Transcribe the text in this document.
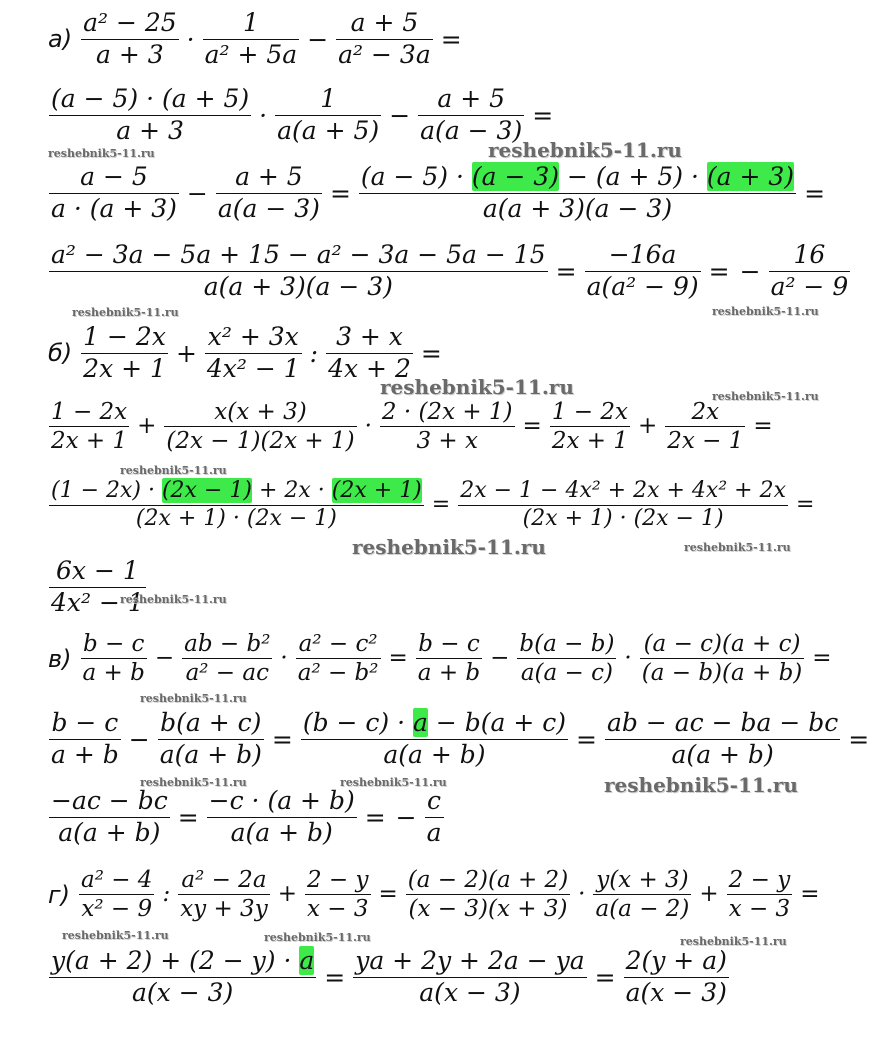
а)
a² − 25
a + 3
·
1
a² + 5a
−
a + 5
a² − 3a
=
(a − 5) · (a + 5)
a + 3
·
1
a(a + 5)
−
a + 5
a(a − 3)
=
a − 5
a · (a + 3)
−
a + 5
a(a − 3)
=
(a − 5) · (a − 3) − (a + 5) · (a + 3)
a(a + 3)(a − 3)
=
a² − 3a − 5a + 15 − a² − 3a − 5a − 15
a(a + 3)(a − 3)
=
−16a
a(a² − 9)
= −
16
a² − 9
б)
1 − 2x
2x + 1
+
x² + 3x
4x² − 1
:
3 + x
4x + 2
=
1 − 2x
2x + 1
+
x(x + 3)
(2x − 1)(2x + 1)
·
2 · (2x + 1)
3 + x
=
1 − 2x
2x + 1
+
2x
2x − 1
=
(1 − 2x) · (2x − 1) + 2x · (2x + 1)
(2x + 1) · (2x − 1)
=
2x − 1 − 4x² + 2x + 4x² + 2x
(2x + 1) · (2x − 1)
=
6x − 1
4x² − 1
в)
b − c
a + b
−
ab − b²
a² − ac
·
a² − c²
a² − b²
=
b − c
a + b
−
b(a − b)
a(a − c)
·
(a − c)(a + c)
(a − b)(a + b)
=
b − c
a + b
−
b(a + c)
a(a + b)
=
(b − c) · a − b(a + c)
a(a + b)
=
ab − ac − ba − bc
a(a + b)
=
−ac − bc
a(a + b)
=
−c · (a + b)
a(a + b)
= −
c
a
г)
a² − 4
x² − 9
:
a² − 2a
xy + 3y
+
2 − y
x − 3
=
(a − 2)(a + 2)
(x − 3)(x + 3)
·
y(x + 3)
a(a − 2)
+
2 − y
x − 3
=
y(a + 2) + (2 − y) · a
a(x − 3)
=
ya + 2y + 2a − ya
a(x − 3)
=
2(y + a)
a(x − 3)
reshebnik5-11.ru	reshebnik5-11.ru
reshebnik5-11.ru	reshebnik5-11.ru
reshebnik5-11.ru	reshebnik5-11.ru
reshebnik5-11.ru
reshebnik5-11.ru	reshebnik5-11.ru
reshebnik5-11.ru
reshebnik5-11.ru
reshebnik5-11.ru	reshebnik5-11.ru	reshebnik5-11.ru
reshebnik5-11.ru	reshebnik5-11.ru	reshebnik5-11.ru
